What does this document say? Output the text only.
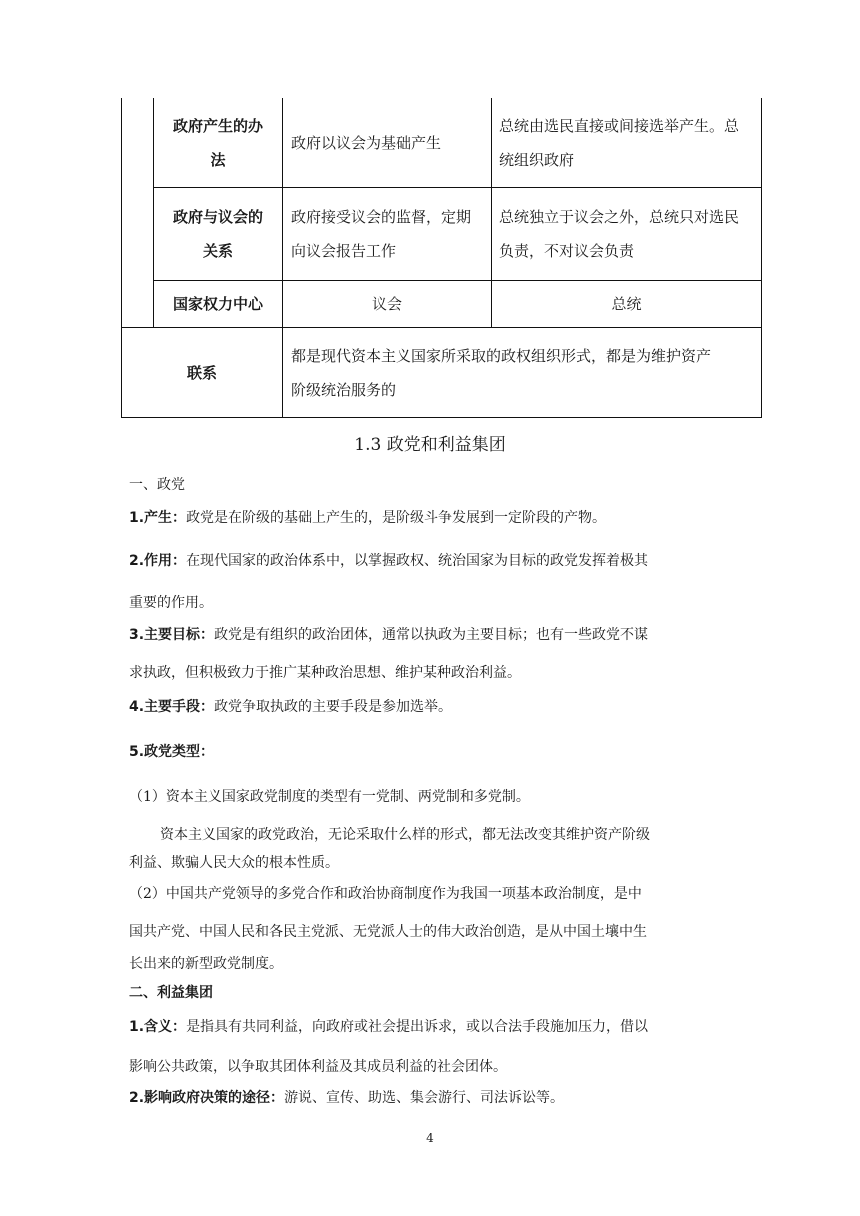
政府产生的办
法
政府以议会为基础产生
总统由选民直接或间接选举产生。总
统组织政府
政府与议会的
关系
政府接受议会的监督，定期
向议会报告工作
总统独立于议会之外，总统只对选民
负责，不对议会负责
国家权力中心	议会	总统
联系
都是现代资本主义国家所采取的政权组织形式，都是为维护资产
阶级统治服务的
1.3 政党和利益集团
一、政党
1.产生：政党是在阶级的基础上产生的，是阶级斗争发展到一定阶段的产物。
2.作用：在现代国家的政治体系中，以掌握政权、统治国家为目标的政党发挥着极其
重要的作用。
3.主要目标：政党是有组织的政治团体，通常以执政为主要目标；也有一些政党不谋
求执政，但积极致力于推广某种政治思想、维护某种政治利益。
4.主要手段：政党争取执政的主要手段是参加选举。
5.政党类型：
（1）资本主义国家政党制度的类型有一党制、两党制和多党制。
资本主义国家的政党政治，无论采取什么样的形式，都无法改变其维护资产阶级
利益、欺骗人民大众的根本性质。
（2）中国共产党领导的多党合作和政治协商制度作为我国一项基本政治制度，是中
国共产党、中国人民和各民主党派、无党派人士的伟大政治创造，是从中国土壤中生
长出来的新型政党制度。
二、利益集团
1.含义：是指具有共同利益，向政府或社会提出诉求，或以合法手段施加压力，借以
影响公共政策，以争取其团体利益及其成员利益的社会团体。
2.影响政府决策的途径：游说、宣传、助选、集会游行、司法诉讼等。
4
